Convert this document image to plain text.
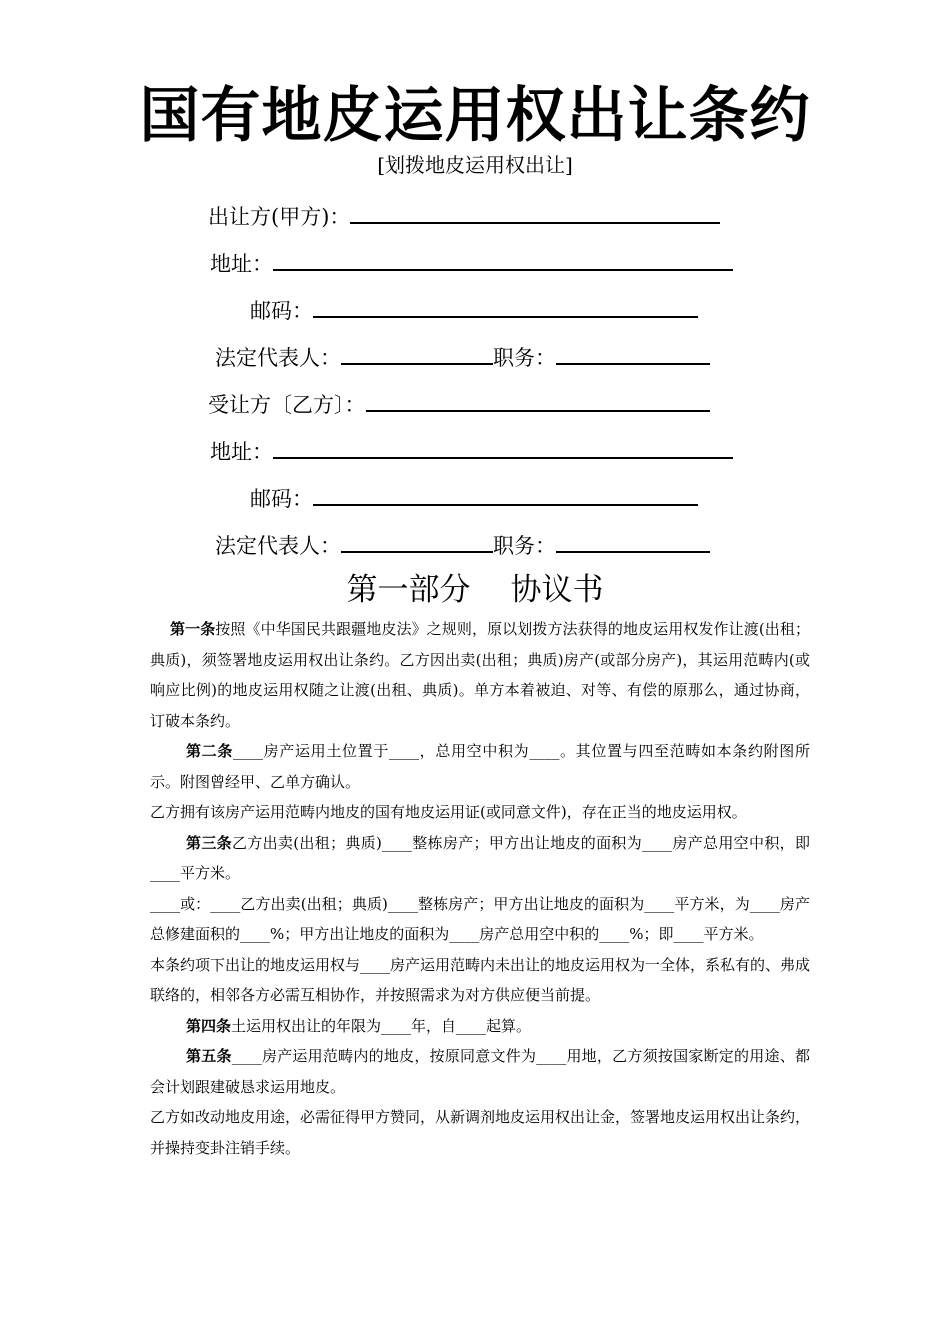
国有地皮运用权出让条约
[划拨地皮运用权出让]
出让方(甲方)：
地址：
邮码：
法定代表人：	职务：
受让方〔乙方〕：
地址：
邮码：
法定代表人：	职务：
第一部分 协议书

第一条按照《中华国民共跟疆地皮法》之规则，原以划拨方法获得的地皮运用权发作让渡(出租；典质)，须签署地皮运用权出让条约。乙方因出卖(出租；典质)房产(或部分房产)，其运用范畴内(或响应比例)的地皮运用权随之让渡(出租、典质)。单方本着被迫、对等、有偿的原那么，通过协商，订破本条约。

第二条____房产运用土位置于____，总用空中积为____。其位置与四至范畴如本条约附图所示。附图曾经甲、乙单方确认。

乙方拥有该房产运用范畴内地皮的国有地皮运用证(或同意文件)，存在正当的地皮运用权。

第三条乙方出卖(出租；典质)____整栋房产；甲方出让地皮的面积为____房产总用空中积，即____平方米。

____或：____乙方出卖(出租；典质)____整栋房产；甲方出让地皮的面积为____平方米，为____房产总修建面积的____%；甲方出让地皮的面积为____房产总用空中积的____%；即____平方米。

本条约项下出让的地皮运用权与____房产运用范畴内未出让的地皮运用权为一全体，系私有的、弗成联络的，相邻各方必需互相协作，并按照需求为对方供应便当前提。

第四条土运用权出让的年限为____年，自____起算。

第五条____房产运用范畴内的地皮，按原同意文件为____用地，乙方须按国家断定的用途、都会计划跟建破恳求运用地皮。

乙方如改动地皮用途，必需征得甲方赞同，从新调剂地皮运用权出让金，签署地皮运用权出让条约，并操持变卦注销手续。
